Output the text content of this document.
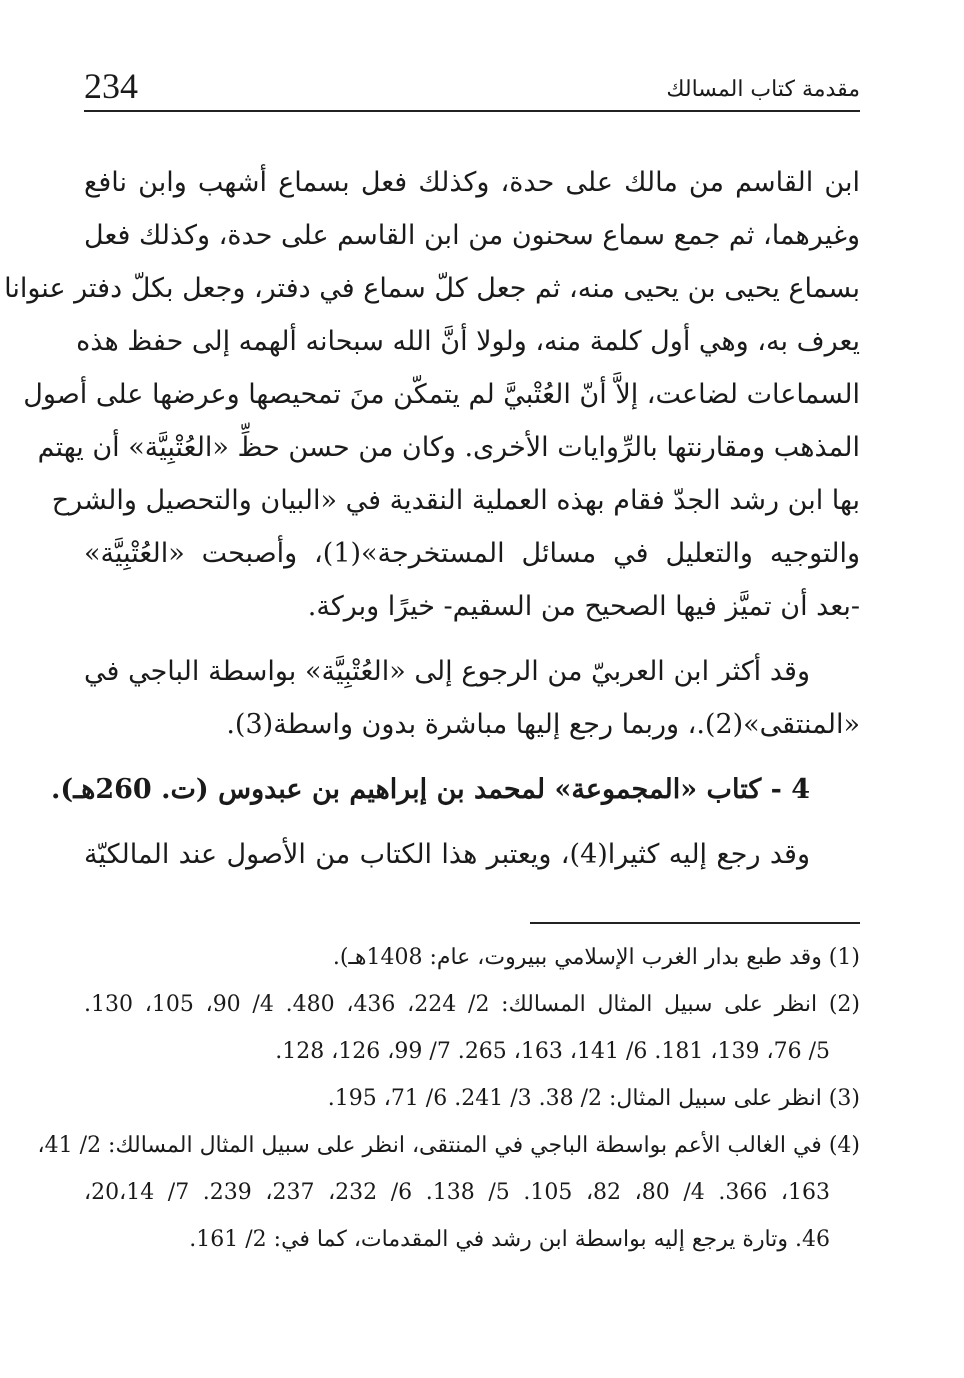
234	مقدمة كتاب المسالك
ابن القاسم من مالك على حدة، وكذلك فعل بسماع أشهب وابن نافع
وغيرهما، ثم جمع سماع سحنون من ابن القاسم على حدة، وكذلك فعل
بسماع يحيى بن يحيى منه، ثم جعل كلّ سماع في دفتر، وجعل بكلّ دفتر عنوانا
يعرف به، وهي أول كلمة منه، ولولا أنَّ الله سبحانه ألهمه إلى حفظ هذه
السماعات لضاعت، إلاَّ أنّ العُتْبيَّ لم يتمكّن منَ تمحيصها وعرضها على أصول
المذهب ومقارنتها بالرِّوايات الأخرى. وكان من حسن حظِّ «العُتْبِيَّة» أن يهتم
بها ابن رشد الجدّ فقام بهذه العملية النقدية في «البيان والتحصيل والشرح
والتوجيه والتعليل في مسائل المستخرجة»(1)، وأصبحت «العُتْبِيَّة»
-بعد أن تميَّز فيها الصحيح من السقيم- خيرًا وبركة.
وقد أكثر ابن العربيّ من الرجوع إلى «العُتْبِيَّة» بواسطة الباجي في
«المنتقى»(2).، وربما رجع إليها مباشرة بدون واسطة(3).
4 - كتاب «المجموعة» لمحمد بن إبراهيم بن عبدوس (ت. 260هـ).
وقد رجع إليه كثيرا(4)، ويعتبر هذا الكتاب من الأصول عند المالكيّة
(1) وقد طبع بدار الغرب الإسلامي ببيروت، عام: 1408هـ).
(2) انظر على سبيل المثال المسالك: 2/ 224، 436، 480. 4/ 90، 105، 130.
5/ 76، 139، 181. 6/ 141، 163، 265. 7/ 99، 126، 128.
(3) انظر على سبيل المثال: 2/ 38. 3/ 241. 6/ 71، 195.
(4) في الغالب الأعم بواسطة الباجي في المنتقى، انظر على سبيل المثال المسالك: 2/ 41،
163، 366. 4/ 80، 82، 105. 5/ 138. 6/ 232، 237، 239. 7/ 20،14،
46. وتارة يرجع إليه بواسطة ابن رشد في المقدمات، كما في: 2/ 161.
